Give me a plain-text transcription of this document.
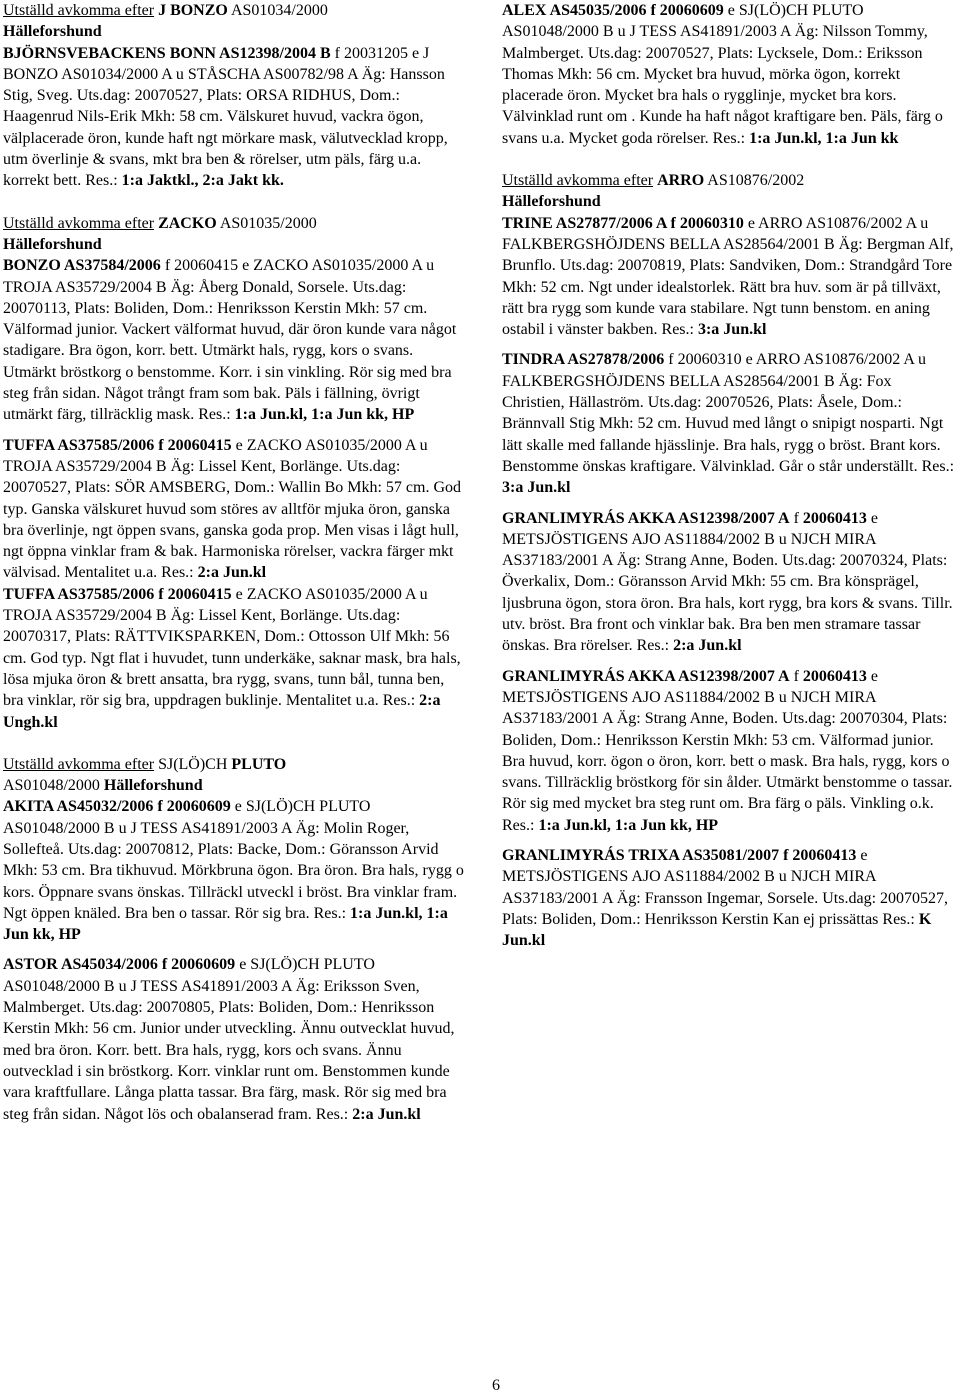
Utställd avkomma efter J BONZO AS01034/2000
Hälleforshund

BJÖRNSVEBACKENS BONN AS12398/2004 B f 20031205 e J BONZO AS01034/2000 A u STÅSCHA AS00782/98 A Äg: Hansson Stig, Sveg. Uts.dag: 20070527, Plats: ORSA RIDHUS, Dom.: Haagenrud Nils-Erik Mkh: 58 cm. Välskuret huvud, vackra ögon, välplacerade öron, kunde haft ngt mörkare mask, välutvecklad kropp, utm överlinje & svans, mkt bra ben & rörelser, utm päls, färg u.a. korrekt bett. Res.: 1:a Jaktkl., 2:a Jakt kk.

Utställd avkomma efter ZACKO AS01035/2000
Hälleforshund

BONZO AS37584/2006 f 20060415 e ZACKO AS01035/2000 A u TROJA AS35729/2004 B Äg: Åberg Donald, Sorsele. Uts.dag: 20070113, Plats: Boliden, Dom.: Henriksson Kerstin Mkh: 57 cm. Välformad junior. Vackert välformat huvud, där öron kunde vara något stadigare. Bra ögon, korr. bett. Utmärkt hals, rygg, kors o svans. Utmärkt bröstkorg o benstomme. Korr. i sin vinkling. Rör sig med bra steg från sidan. Något trångt fram som bak. Päls i fällning, övrigt utmärkt färg, tillräcklig mask. Res.: 1:a Jun.kl, 1:a Jun kk, HP

TUFFA AS37585/2006 f 20060415 e ZACKO AS01035/2000 A u TROJA AS35729/2004 B Äg: Lissel Kent, Borlänge. Uts.dag: 20070527, Plats: SÖR AMSBERG, Dom.: Wallin Bo Mkh: 57 cm. God typ. Ganska välskuret huvud som störes av alltför mjuka öron, ganska bra överlinje, ngt öppen svans, ganska goda prop. Men visas i lågt hull, ngt öppna vinklar fram & bak. Harmoniska rörelser, vackra färger mkt välvisad. Mentalitet u.a. Res.: 2:a Jun.kl

TUFFA AS37585/2006 f 20060415 e ZACKO AS01035/2000 A u TROJA AS35729/2004 B Äg: Lissel Kent, Borlänge. Uts.dag: 20070317, Plats: RÄTTVIKSPARKEN, Dom.: Ottosson Ulf Mkh: 56 cm. God typ. Ngt flat i huvudet, tunn underkäke, saknar mask, bra hals, lösa mjuka öron & brett ansatta, bra rygg, svans, tunn bål, tunna ben, bra vinklar, rör sig bra, uppdragen buklinje. Mentalitet u.a. Res.: 2:a Ungh.kl

Utställd avkomma efter SJ(LÖ)CH PLUTO
AS01048/2000 Hälleforshund

AKITA AS45032/2006 f 20060609 e SJ(LÖ)CH PLUTO AS01048/2000 B u J TESS AS41891/2003 A Äg: Molin Roger, Sollefteå. Uts.dag: 20070812, Plats: Backe, Dom.: Göransson Arvid Mkh: 53 cm. Bra tikhuvud. Mörkbruna ögon. Bra öron. Bra hals, rygg o kors. Öppnare svans önskas. Tillräckl utveckl i bröst. Bra vinklar fram. Ngt öppen knäled. Bra ben o tassar. Rör sig bra. Res.: 1:a Jun.kl, 1:a Jun kk, HP

ASTOR AS45034/2006 f 20060609 e SJ(LÖ)CH PLUTO AS01048/2000 B u J TESS AS41891/2003 A Äg: Eriksson Sven, Malmberget. Uts.dag: 20070805, Plats: Boliden, Dom.: Henriksson Kerstin Mkh: 56 cm. Junior under utveckling. Ännu outvecklat huvud, med bra öron. Korr. bett. Bra hals, rygg, kors och svans. Ännu outvecklad i sin bröstkorg. Korr. vinklar runt om. Benstommen kunde vara kraftfullare. Långa platta tassar. Bra färg, mask. Rör sig med bra steg från sidan. Något lös och obalanserad fram. Res.: 2:a Jun.kl

ALEX AS45035/2006 f 20060609 e SJ(LÖ)CH PLUTO AS01048/2000 B u J TESS AS41891/2003 A Äg: Nilsson Tommy, Malmberget. Uts.dag: 20070527, Plats: Lycksele, Dom.: Eriksson Thomas Mkh: 56 cm. Mycket bra huvud, mörka ögon, korrekt placerade öron. Mycket bra hals o rygglinje, mycket bra kors. Välvinklad runt om . Kunde ha haft något kraftigare ben. Päls, färg o svans u.a. Mycket goda rörelser. Res.: 1:a Jun.kl, 1:a Jun kk

Utställd avkomma efter ARRO AS10876/2002
Hälleforshund

TRINE AS27877/2006 A f 20060310 e ARRO AS10876/2002 A u FALKBERGSHÖJDENS BELLA AS28564/2001 B Äg: Bergman Alf, Brunflo. Uts.dag: 20070819, Plats: Sandviken, Dom.: Strandgård Tore Mkh: 52 cm. Ngt under idealstorlek. Rätt bra huv. som är på tillväxt, rätt bra rygg som kunde vara stabilare. Ngt tunn benstom. en aning ostabil i vänster bakben. Res.: 3:a Jun.kl

TINDRA AS27878/2006 f 20060310 e ARRO AS10876/2002 A u FALKBERGSHÖJDENS BELLA AS28564/2001 B Äg: Fox Christien, Hällaström. Uts.dag: 20070526, Plats: Åsele, Dom.: Brännvall Stig Mkh: 52 cm. Huvud med långt o snipigt nosparti. Ngt lätt skalle med fallande hjässlinje. Bra hals, rygg o bröst. Brant kors. Benstomme önskas kraftigare. Välvinklad. Går o står underställt. Res.: 3:a Jun.kl

GRANLIMYRÁS AKKA AS12398/2007 A f 20060413 e METSJÖSTIGENS AJO AS11884/2002 B u NJCH MIRA AS37183/2001 A Äg: Strang Anne, Boden. Uts.dag: 20070324, Plats: Överkalix, Dom.: Göransson Arvid Mkh: 55 cm. Bra könspräge‌l, ljusbruna ögon, stora öron. Bra hals, kort rygg, bra kors & svans. Tillr. utv. bröst. Bra front och vinklar bak. Bra ben men stramare tassar önskas. Bra rörelser. Res.: 2:a Jun.kl

GRANLIMYRÁS AKKA AS12398/2007 A f 20060413 e METSJÖSTIGENS AJO AS11884/2002 B u NJCH MIRA AS37183/2001 A Äg: Strang Anne, Boden. Uts.dag: 20070304, Plats: Boliden, Dom.: Henriksson Kerstin Mkh: 53 cm. Välformad junior. Bra huvud, korr. ögon o öron, korr. bett o mask. Bra hals, rygg, kors o svans. Tillräcklig bröstkorg för sin ålder. Utmärkt benstomme o tassar. Rör sig med mycket bra steg runt om. Bra färg o päls. Vinkling o.k. Res.: 1:a Jun.kl, 1:a Jun kk, HP

GRANLIMYRÁS TRIXA AS35081/2007 f 20060413 e METSJÖSTIGENS AJO AS11884/2002 B u NJCH MIRA AS37183/2001 A Äg: Fransson Ingemar, Sorsele. Uts.dag: 20070527, Plats: Boliden, Dom.: Henriksson Kerstin Kan ej prissättas Res.: K Jun.kl

6
